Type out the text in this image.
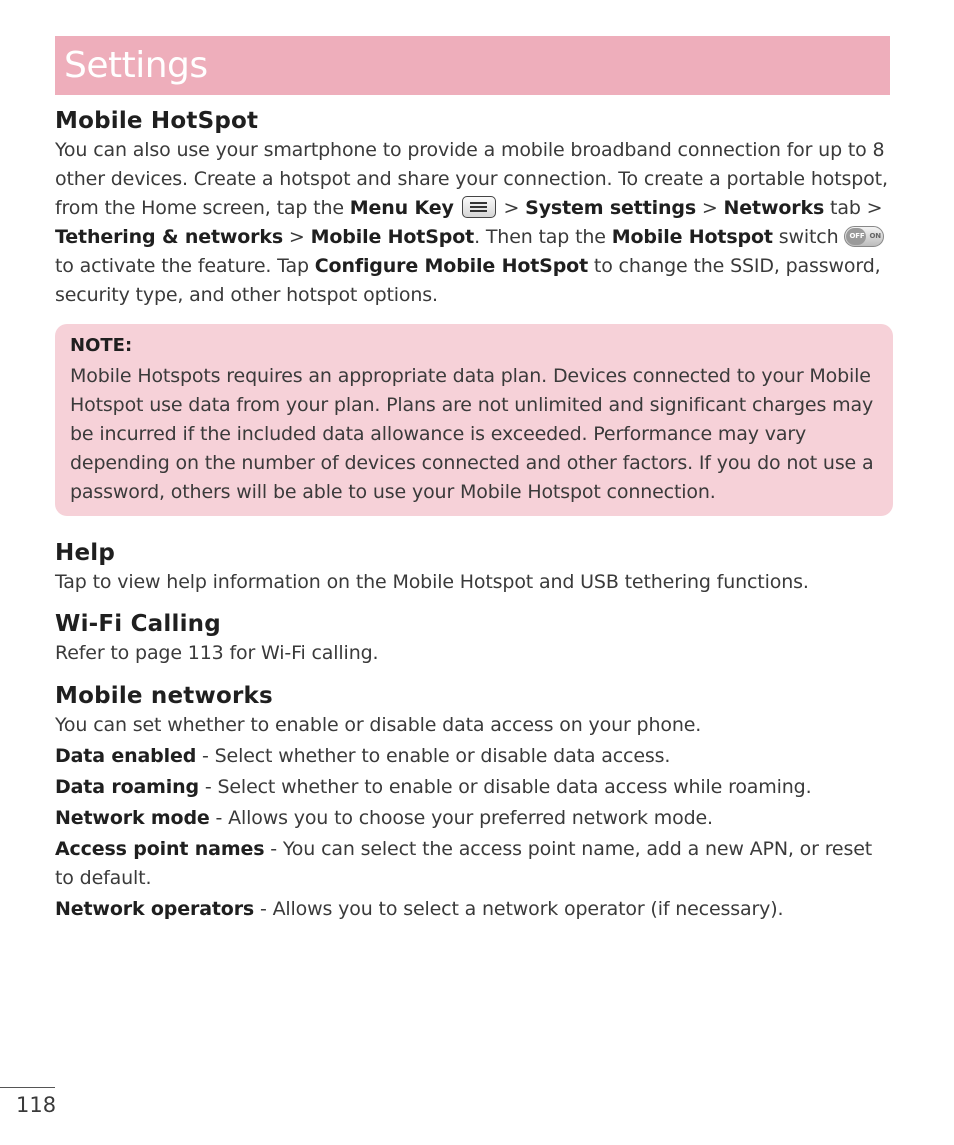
Settings
Mobile HotSpot

You can also use your smartphone to provide a mobile broadband connection for up to 8 other devices. Create a hotspot and share your connection. To create a portable hotspot, from the Home screen, tap the Menu Key
> System settings > Networks tab > Tethering & networks > Mobile HotSpot. Then tap the Mobile Hotspot switch OFF ON
to activate the feature. Tap Configure Mobile HotSpot to change the SSID, password, security type, and other hotspot options.

NOTE:

Mobile Hotspots requires an appropriate data plan. Devices connected to your Mobile Hotspot use data from your plan. Plans are not unlimited and significant charges may be incurred if the included data allowance is exceeded. Performance may vary depending on the number of devices connected and other factors. If you do not use a password, others will be able to use your Mobile Hotspot connection.

Help

Tap to view help information on the Mobile Hotspot and USB tethering functions.

Wi-Fi Calling

Refer to page 113 for Wi-Fi calling.

Mobile networks

You can set whether to enable or disable data access on your phone.

Data enabled - Select whether to enable or disable data access.

Data roaming - Select whether to enable or disable data access while roaming.

Network mode - Allows you to choose your preferred network mode.

Access point names - You can select the access point name, add a new APN, or reset to default.

Network operators - Allows you to select a network operator (if necessary).

118
